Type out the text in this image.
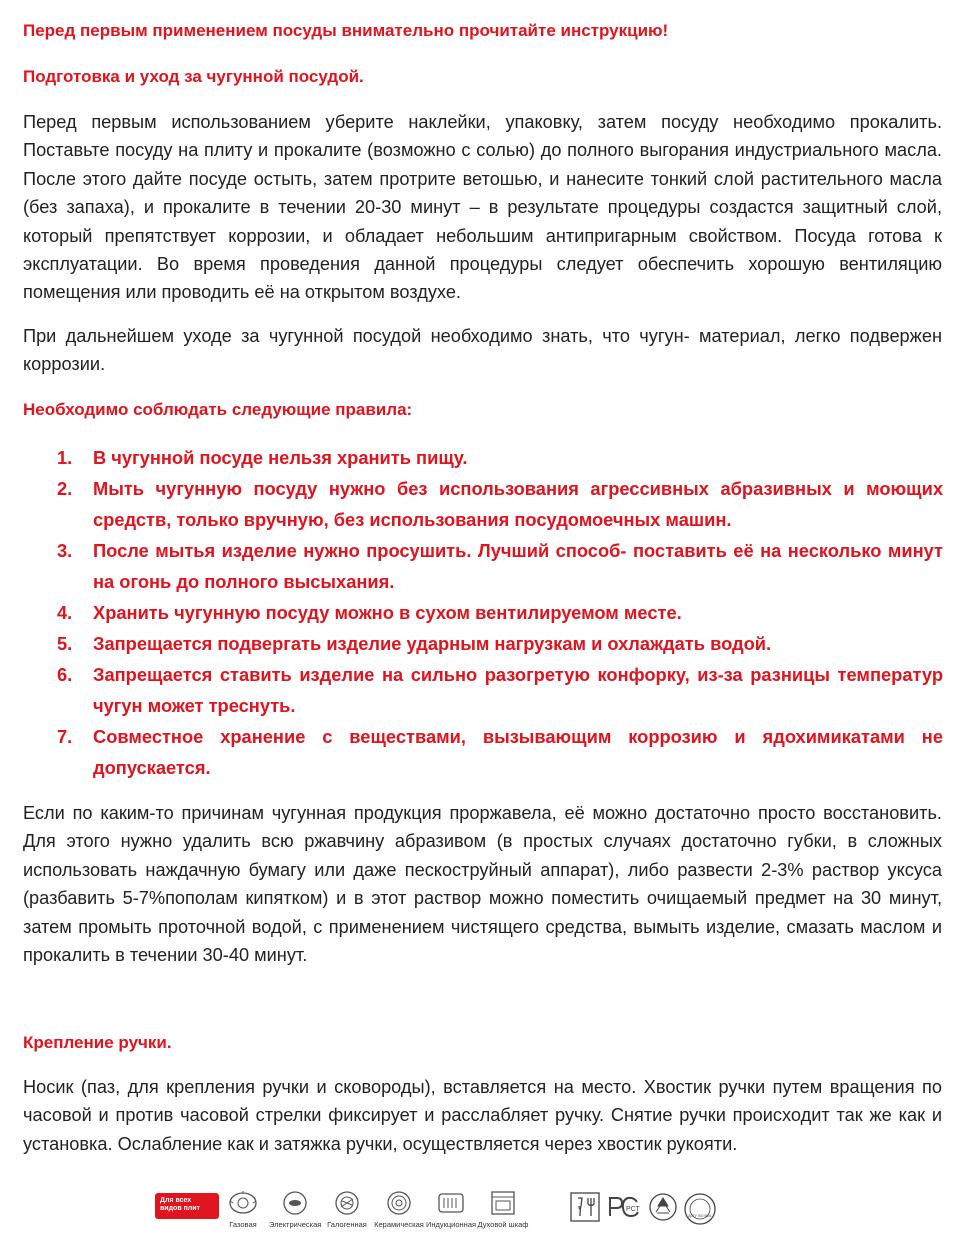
Перед первым применением посуды внимательно прочитайте инструкцию!
Подготовка и уход за чугунной посудой.

Перед первым использованием уберите наклейки, упаковку, затем посуду необходимо прокалить. Поставьте посуду на плиту и прокалите (возможно с солью) до полного выгорания индустриального масла. После этого дайте посуде остыть, затем протрите ветошью, и нанесите тонкий слой растительного масла (без запаха), и прокалите в течении 20-30 минут – в результате процедуры создастся защитный слой, который препятствует коррозии, и обладает небольшим антипригарным свойством. Посуда готова к эксплуатации. Во время проведения данной процедуры следует обеспечить хорошую вентиляцию помещения или проводить её на открытом воздухе.

При дальнейшем уходе за чугунной посудой необходимо знать, что чугун- материал, легко подвержен коррозии.

Необходимо соблюдать следующие правила:
1. В чугунной посуде нельзя хранить пищу.
2. Мыть чугунную посуду нужно без использования агрессивных абразивных и моющих средств, только вручную, без использования посудомоечных машин.
3. После мытья изделие нужно просушить. Лучший способ- поставить её на несколько минут на огонь до полного высыхания.
4. Хранить чугунную посуду можно в сухом вентилируемом месте.
5. Запрещается подвергать изделие ударным нагрузкам и охлаждать водой.
6. Запрещается ставить изделие на сильно разогретую конфорку, из-за разницы температур чугун может треснуть.
7. Совместное хранение с веществами, вызывающим коррозию и ядохимикатами не допускается.

Если по каким-то причинам чугунная продукция проржавела, её можно достаточно просто восстановить. Для этого нужно удалить всю ржавчину абразивом (в простых случаях достаточно губки, в сложных использовать наждачную бумагу или даже пескоструйный аппарат), либо развести 2-3% раствор уксуса (разбавить 5-7%пополам кипятком) и в этот раствор можно поместить очищаемый предмет на 30 минут, затем промыть проточной водой, с применением чистящего средства, вымыть изделие, смазать маслом и прокалить в течении 30-40 минут.

Крепление ручки.

Носик (паз, для крепления ручки и сковороды), вставляется на место. Хвостик ручки путем вращения по часовой и против часовой стрелки фиксирует и расслабляет ручку. Снятие ручки происходит так же как и установка. Ослабление как и затяжка ручки, осуществляется через хвостик рукояти.

Для всех
видов плит
Газовая	Электрическая Галогенная Керамическая Индукционная Духовой шкаф
РСТ
ДСТУ ISO 9001
